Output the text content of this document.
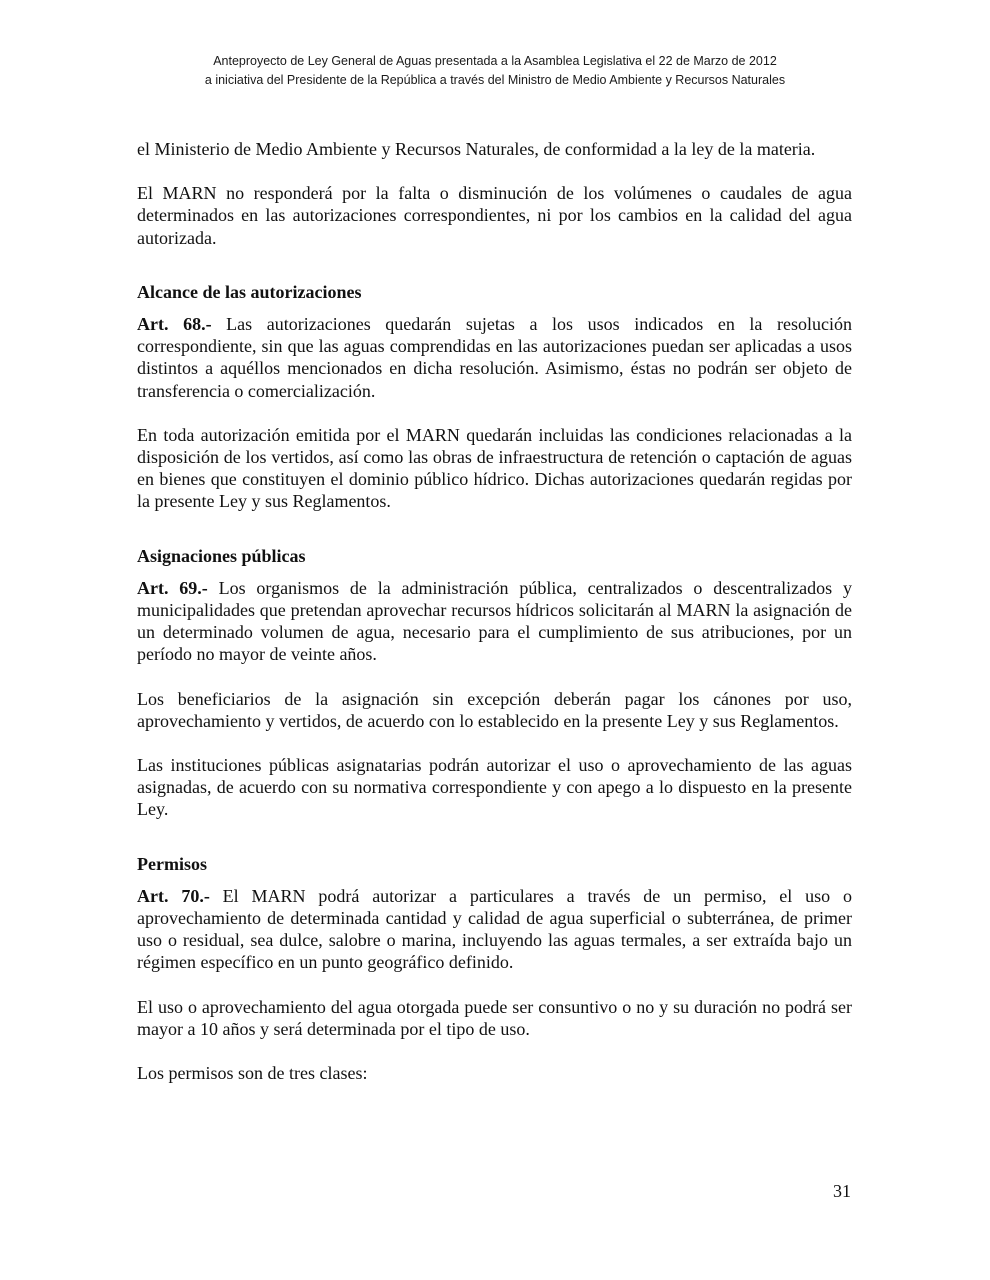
Anteproyecto de Ley General de Aguas presentada a la Asamblea Legislativa el 22 de Marzo de 2012
a iniciativa del Presidente de la República a través del Ministro de Medio Ambiente y Recursos Naturales

el Ministerio de Medio Ambiente y Recursos Naturales, de conformidad a la ley de la materia.

El MARN no responderá por la falta o disminución de los volúmenes o caudales de agua determinados en las autorizaciones correspondientes, ni por los cambios en la calidad del agua autorizada.

Alcance de las autorizaciones

Art. 68.- Las autorizaciones quedarán sujetas a los usos indicados en la resolución correspondiente, sin que las aguas comprendidas en las autorizaciones puedan ser aplicadas a usos distintos a aquéllos mencionados en dicha resolución. Asimismo, éstas no podrán ser objeto de transferencia o comercialización.

En toda autorización emitida por el MARN quedarán incluidas las condiciones relacionadas a la disposición de los vertidos, así como las obras de infraestructura de retención o captación de aguas en bienes que constituyen el dominio público hídrico. Dichas autorizaciones quedarán regidas por la presente Ley y sus Reglamentos.

Asignaciones públicas

Art. 69.- Los organismos de la administración pública, centralizados o descentralizados y municipalidades que pretendan aprovechar recursos hídricos solicitarán al MARN la asignación de un determinado volumen de agua, necesario para el cumplimiento de sus atribuciones, por un período no mayor de veinte años.

Los beneficiarios de la asignación sin excepción deberán pagar los cánones por uso, aprovechamiento y vertidos, de acuerdo con lo establecido en la presente Ley y sus Reglamentos.

Las instituciones públicas asignatarias podrán autorizar el uso o aprovechamiento de las aguas asignadas, de acuerdo con su normativa correspondiente y con apego a lo dispuesto en la presente Ley.

Permisos

Art. 70.- El MARN podrá autorizar a particulares a través de un permiso, el uso o aprovechamiento de determinada cantidad y calidad de agua superficial o subterránea, de primer uso o residual, sea dulce, salobre o marina, incluyendo las aguas termales, a ser extraída bajo un régimen específico en un punto geográfico definido.

El uso o aprovechamiento del agua otorgada puede ser consuntivo o no y su duración no podrá ser mayor a 10 años y será determinada por el tipo de uso.

Los permisos son de tres clases:

31
